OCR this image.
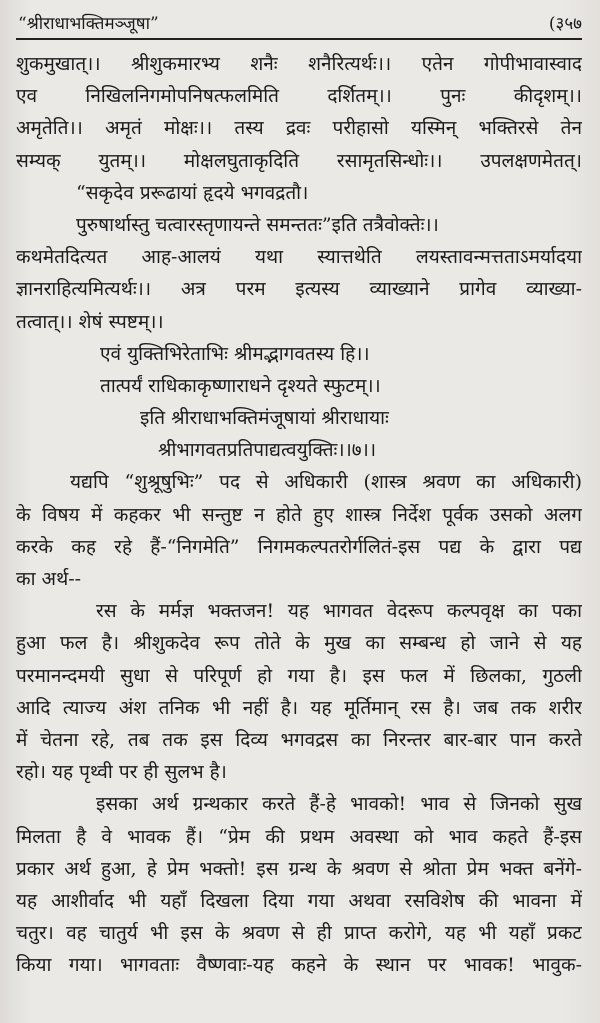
“श्रीराधाभक्तिमञ्जूषा”	(३५७
शुकमुखात्।। श्रीशुकमारभ्य शनैः शनैरित्यर्थः।। एतेन गोपीभावास्वाद
एव निखिलनिगमोपनिषत्फलमिति दर्शितम्।। पुनः कीदृशम्।।
अमृतेति।। अमृतं मोक्षः।। तस्य द्रवः परीहासो यस्मिन् भक्तिरसे तेन
सम्यक् युतम्।। मोक्षलघुताकृदिति रसामृतसिन्धोः।। उपलक्षणमेतत्।
“सकृदेव प्ररूढायां हृदये भगवद्रतौ।
पुरुषार्थास्तु चत्वारस्तृणायन्ते समन्ततः”इति तत्रैवोक्तेः।।
कथमेतदित्यत आह-आलयं यथा स्यात्तथेति लयस्तावन्मत्तताऽमर्यादया
ज्ञानराहित्यमित्यर्थः।। अत्र परम इत्यस्य व्याख्याने प्रागेव व्याख्या-
तत्वात्।। शेषं स्पष्टम्।।
एवं युक्तिभिरेताभिः श्रीमद्भागवतस्य हि।।
तात्पर्यं राधिकाकृष्णाराधने दृश्यते स्फुटम्।।
इति श्रीराधाभक्तिमंजूषायां श्रीराधायाः
श्रीभागवतप्रतिपाद्यत्वयुक्तिः।।७।।
यद्यपि “शुश्रूषुभिः” पद से अधिकारी (शास्त्र श्रवण का अधिकारी)
के विषय में कहकर भी सन्तुष्ट न होते हुए शास्त्र निर्देश पूर्वक उसको अलग
करके कह रहे हैं-“निगमेति” निगमकल्पतरोर्गलितं-इस पद्य के द्वारा पद्य
का अर्थ--
रस के मर्मज्ञ भक्तजन! यह भागवत वेदरूप कल्पवृक्ष का पका
हुआ फल है। श्रीशुकदेव रूप तोते के मुख का सम्बन्ध हो जाने से यह
परमानन्दमयी सुधा से परिपूर्ण हो गया है। इस फल में छिलका, गुठली
आदि त्याज्य अंश तनिक भी नहीं है। यह मूर्तिमान् रस है। जब तक शरीर
में चेतना रहे, तब तक इस दिव्य भगवद्रस का निरन्तर बार-बार पान करते
रहो। यह पृथ्वी पर ही सुलभ है।
इसका अर्थ ग्रन्थकार करते हैं-हे भावको! भाव से जिनको सुख
मिलता है वे भावक हैं। “प्रेम की प्रथम अवस्था को भाव कहते हैं-इस
प्रकार अर्थ हुआ, हे प्रेम भक्तो! इस ग्रन्थ के श्रवण से श्रोता प्रेम भक्त बनेंगे-
यह आशीर्वाद भी यहाँ दिखला दिया गया अथवा रसविशेष की भावना में
चतुर। वह चातुर्य भी इस के श्रवण से ही प्राप्त करोगे, यह भी यहाँ प्रकट
किया गया। भागवताः वैष्णवाः-यह कहने के स्थान पर भावक! भावुक-
